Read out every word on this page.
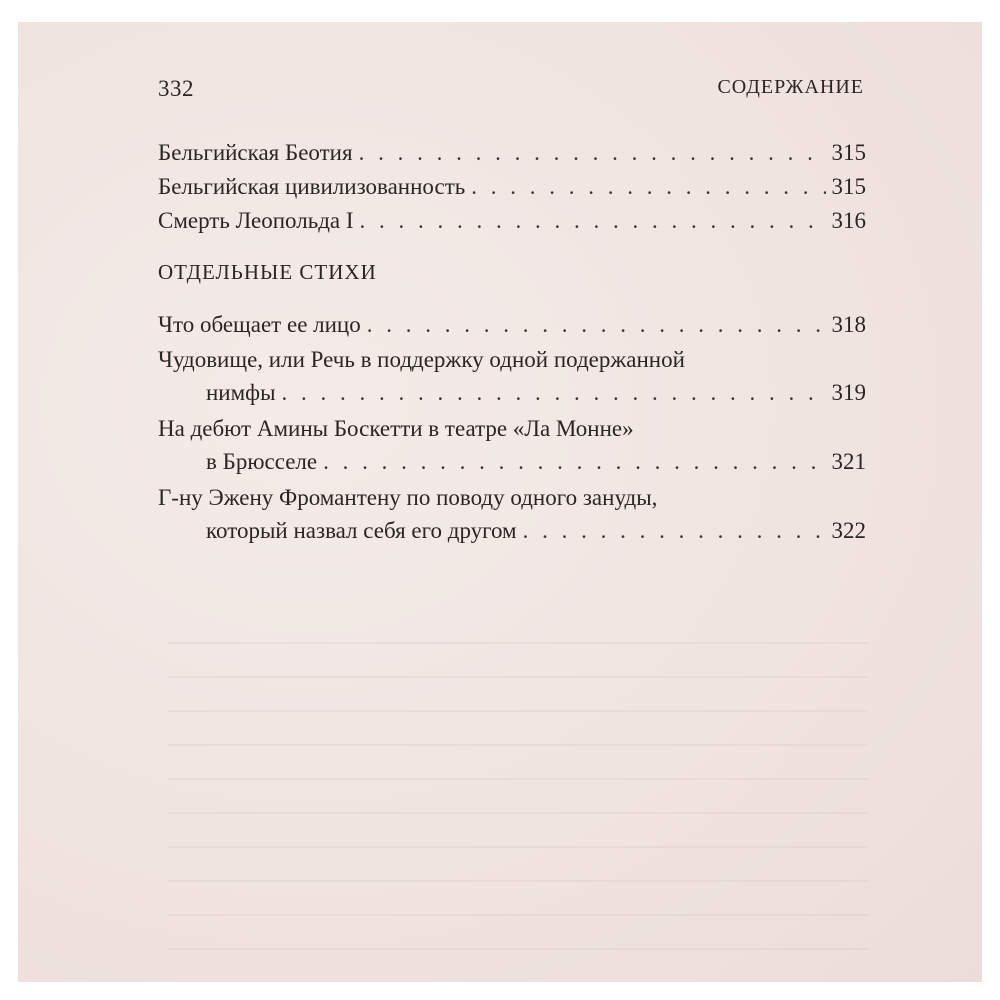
332	СОДЕРЖАНИЕ
Бельгийская Беотия . . .	315
Бельгийская цивилизованность . . .	315
Смерть Леопольда I . . .	316
ОТДЕЛЬНЫЕ СТИХИ
Что обещает ее лицо . . .	318
Чудовище, или Речь в поддержку одной подержанной
нимфы . . .	319
На дебют Амины Боскетти в театре «Ла Монне»
в Брюсселе . . .	321
Г-ну Эжену Фромантену по поводу одного зануды,
который назвал себя его другом . . .	322
